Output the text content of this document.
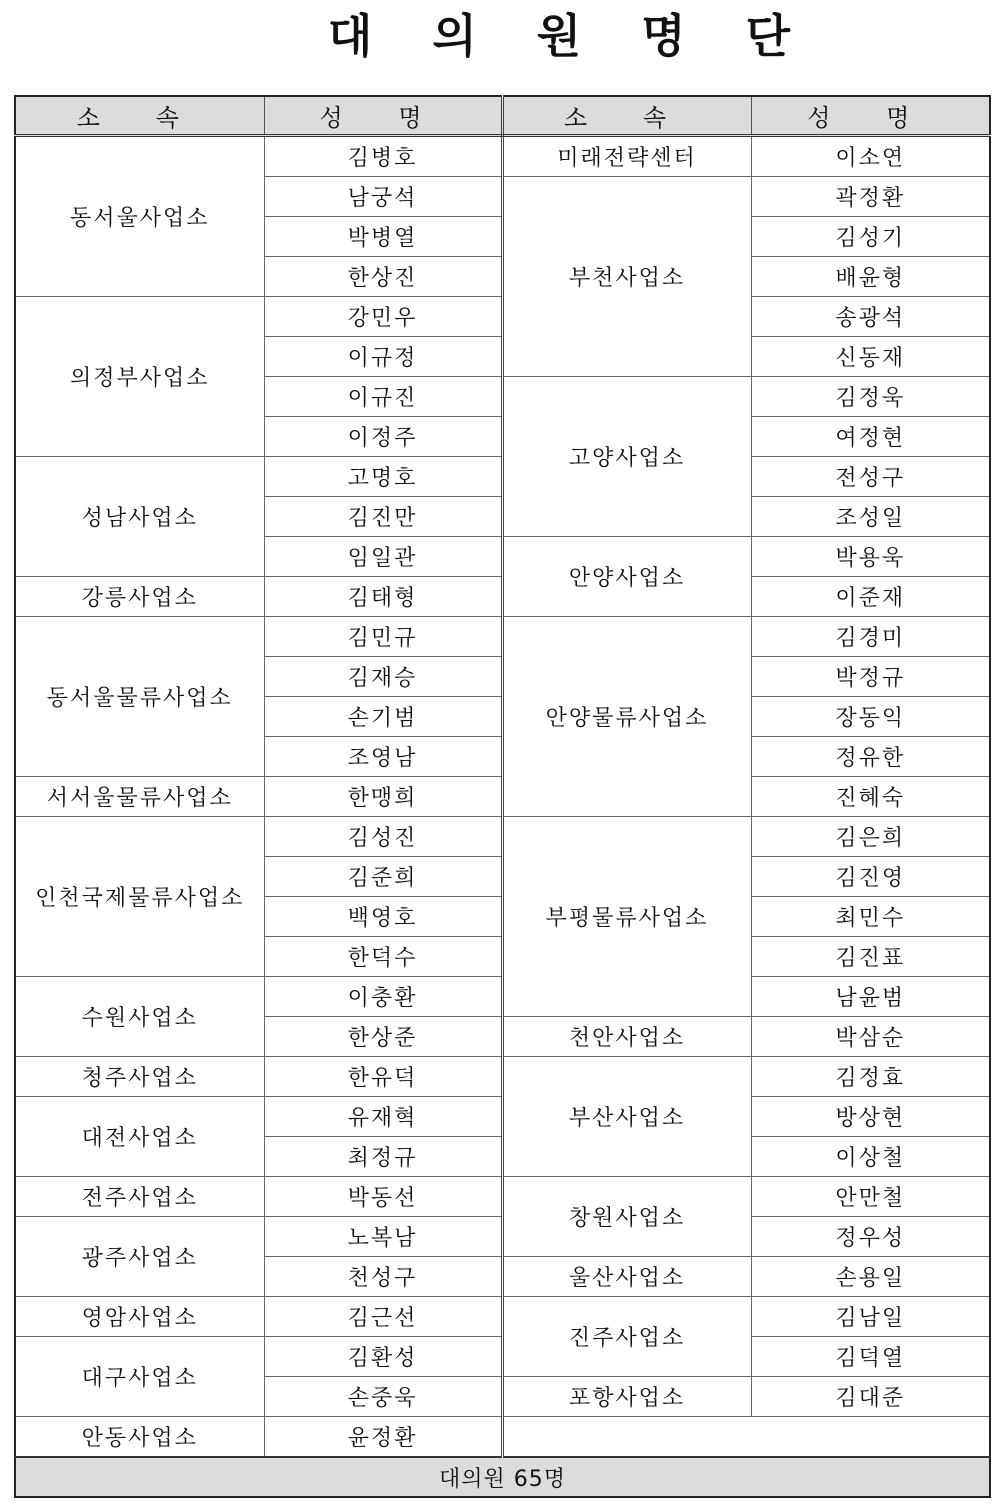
대 의 원 명 단
소 속	성 명	소 속	성 명
동서울사업소	김병호	미래전략센터	이소연
	남궁석	부천사업소	곽정환
	박병열		김성기
	한상진		배윤형
의정부사업소	강민우		송광석
	이규정		신동재
	이규진	고양사업소	김정욱
	이정주		여정현
성남사업소	고명호		전성구
	김진만		조성일
	임일관	안양사업소	박용욱
강릉사업소	김태형		이준재
동서울물류사업소	김민규	안양물류사업소	김경미
	김재승		박정규
	손기범		장동익
	조영남		정유한
서서울물류사업소	한맹희		진혜숙
인천국제물류사업소	김성진	부평물류사업소	김은희
	김준희		김진영
	백영호		최민수
	한덕수		김진표
수원사업소	이충환		남윤범
	한상준	천안사업소	박삼순
청주사업소	한유덕	부산사업소	김정효
대전사업소	유재혁		방상현
	최정규		이상철
전주사업소	박동선	창원사업소	안만철
광주사업소	노복남		정우성
	천성구	울산사업소	손용일
영암사업소	김근선	진주사업소	김남일
대구사업소	김환성		김덕열
	손중욱	포항사업소	김대준
안동사업소	윤정환		
대의원 65명			
